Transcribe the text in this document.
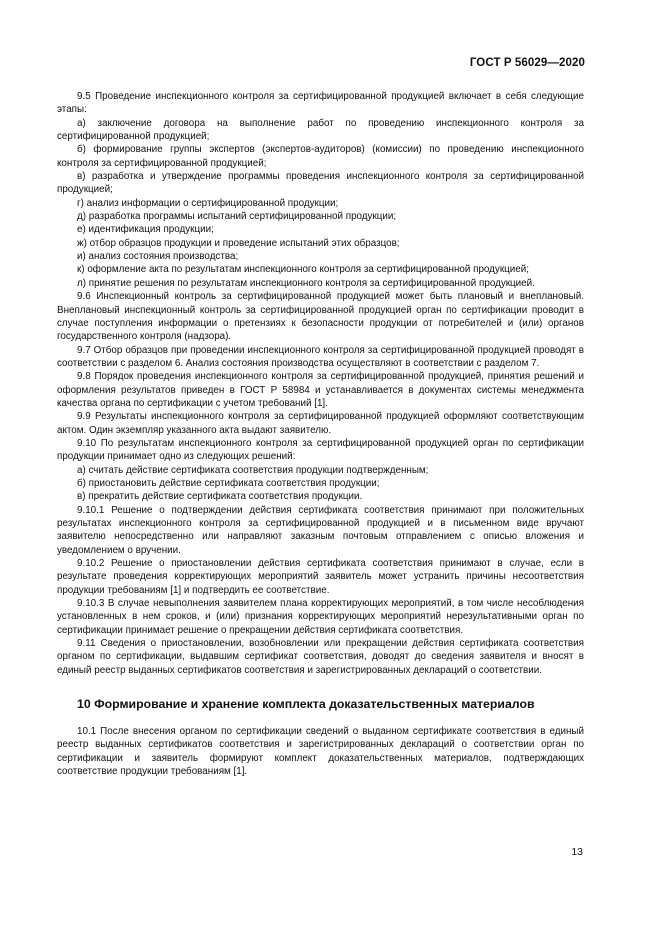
ГОСТ Р 56029—2020

9.5 Проведение инспекционного контроля за сертифицированной продукцией включает в себя следующие этапы:

а) заключение договора на выполнение работ по проведению инспекционного контроля за сертифицированной продукцией;

б) формирование группы экспертов (экспертов-аудиторов) (комиссии) по проведению инспекционного контроля за сертифицированной продукцией;

в) разработка и утверждение программы проведения инспекционного контроля за сертифицированной продукцией;

г) анализ информации о сертифицированной продукции;

д) разработка программы испытаний сертифицированной продукции;

е) идентификация продукции;

ж) отбор образцов продукции и проведение испытаний этих образцов;

и) анализ состояния производства;

к) оформление акта по результатам инспекционного контроля за сертифицированной продукцией;

л) принятие решения по результатам инспекционного контроля за сертифицированной продукцией.

9.6 Инспекционный контроль за сертифицированной продукцией может быть плановый и внеплановый. Внеплановый инспекционный контроль за сертифицированной продукцией орган по сертификации проводит в случае поступления информации о претензиях к безопасности продукции от потребителей и (или) органов государственного контроля (надзора).

9.7 Отбор образцов при проведении инспекционного контроля за сертифицированной продукцией проводят в соответствии с разделом 6. Анализ состояния производства осуществляют в соответствии с разделом 7.

9.8 Порядок проведения инспекционного контроля за сертифицированной продукцией, принятия решений и оформления результатов приведен в ГОСТ Р 58984 и устанавливается в документах системы менеджмента качества органа по сертификации с учетом требований [1].

9.9 Результаты инспекционного контроля за сертифицированной продукцией оформляют соответствующим актом. Один экземпляр указанного акта выдают заявителю.

9.10 По результатам инспекционного контроля за сертифицированной продукцией орган по сертификации продукции принимает одно из следующих решений:

а) считать действие сертификата соответствия продукции подтвержденным;

б) приостановить действие сертификата соответствия продукции;

в) прекратить действие сертификата соответствия продукции.

9.10.1 Решение о подтверждении действия сертификата соответствия принимают при положительных результатах инспекционного контроля за сертифицированной продукцией и в письменном виде вручают заявителю непосредственно или направляют заказным почтовым отправлением с описью вложения и уведомлением о вручении.

9.10.2 Решение о приостановлении действия сертификата соответствия принимают в случае, если в результате проведения корректирующих мероприятий заявитель может устранить причины несоответствия продукции требованиям [1] и подтвердить ее соответствие.

9.10.3 В случае невыполнения заявителем плана корректирующих мероприятий, в том числе несоблюдения установленных в нем сроков, и (или) признания корректирующих мероприятий нерезультативными орган по сертификации принимает решение о прекращении действия сертификата соответствия.

9.11 Сведения о приостановлении, возобновлении или прекращении действия сертификата соответствия органом по сертификации, выдавшим сертификат соответствия, доводят до сведения заявителя и вносят в единый реестр выданных сертификатов соответствия и зарегистрированных деклараций о соответствии.

10 Формирование и хранение комплекта доказательственных материалов

10.1 После внесения органом по сертификации сведений о выданном сертификате соответствия в единый реестр выданных сертификатов соответствия и зарегистрированных деклараций о соответствии орган по сертификации и заявитель формируют комплект доказательственных материалов, подтверждающих соответствие продукции требованиям [1].

13
